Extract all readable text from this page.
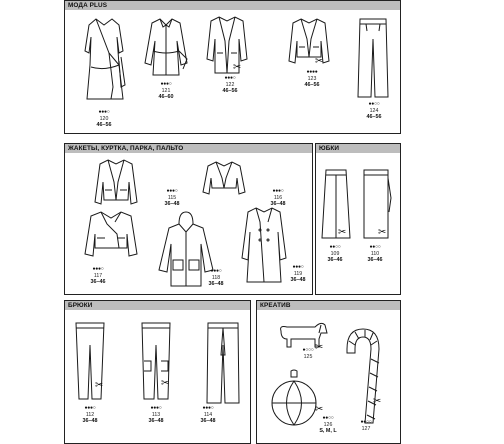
МОДА PLUS
●●●○
120
46–56
●●●○
121
46–60
●●●○
122
46–56
✂	●●●●
123
46–56
✂
●●○○
124
46–56
ЖАКЕТЫ, КУРТКА, ПАРКА, ПАЛЬТО
●●●○
115
36–48
●●●○
116
36–48
●●●○
117
36–46
●●●○
118
36–48
●●●○
119
36–48
ЮБКИ
✂
●●○○
109
36–46
✂
●●○○
110
36–46
БРЮКИ
✂
●●●○
112
36–48
✂
●●●○
113
36–48
●●●○
114
36–48
КРЕАТИВ
✂
●○○○
125
✂
●●○○
126
S, M, L
✂
●●○○
127
